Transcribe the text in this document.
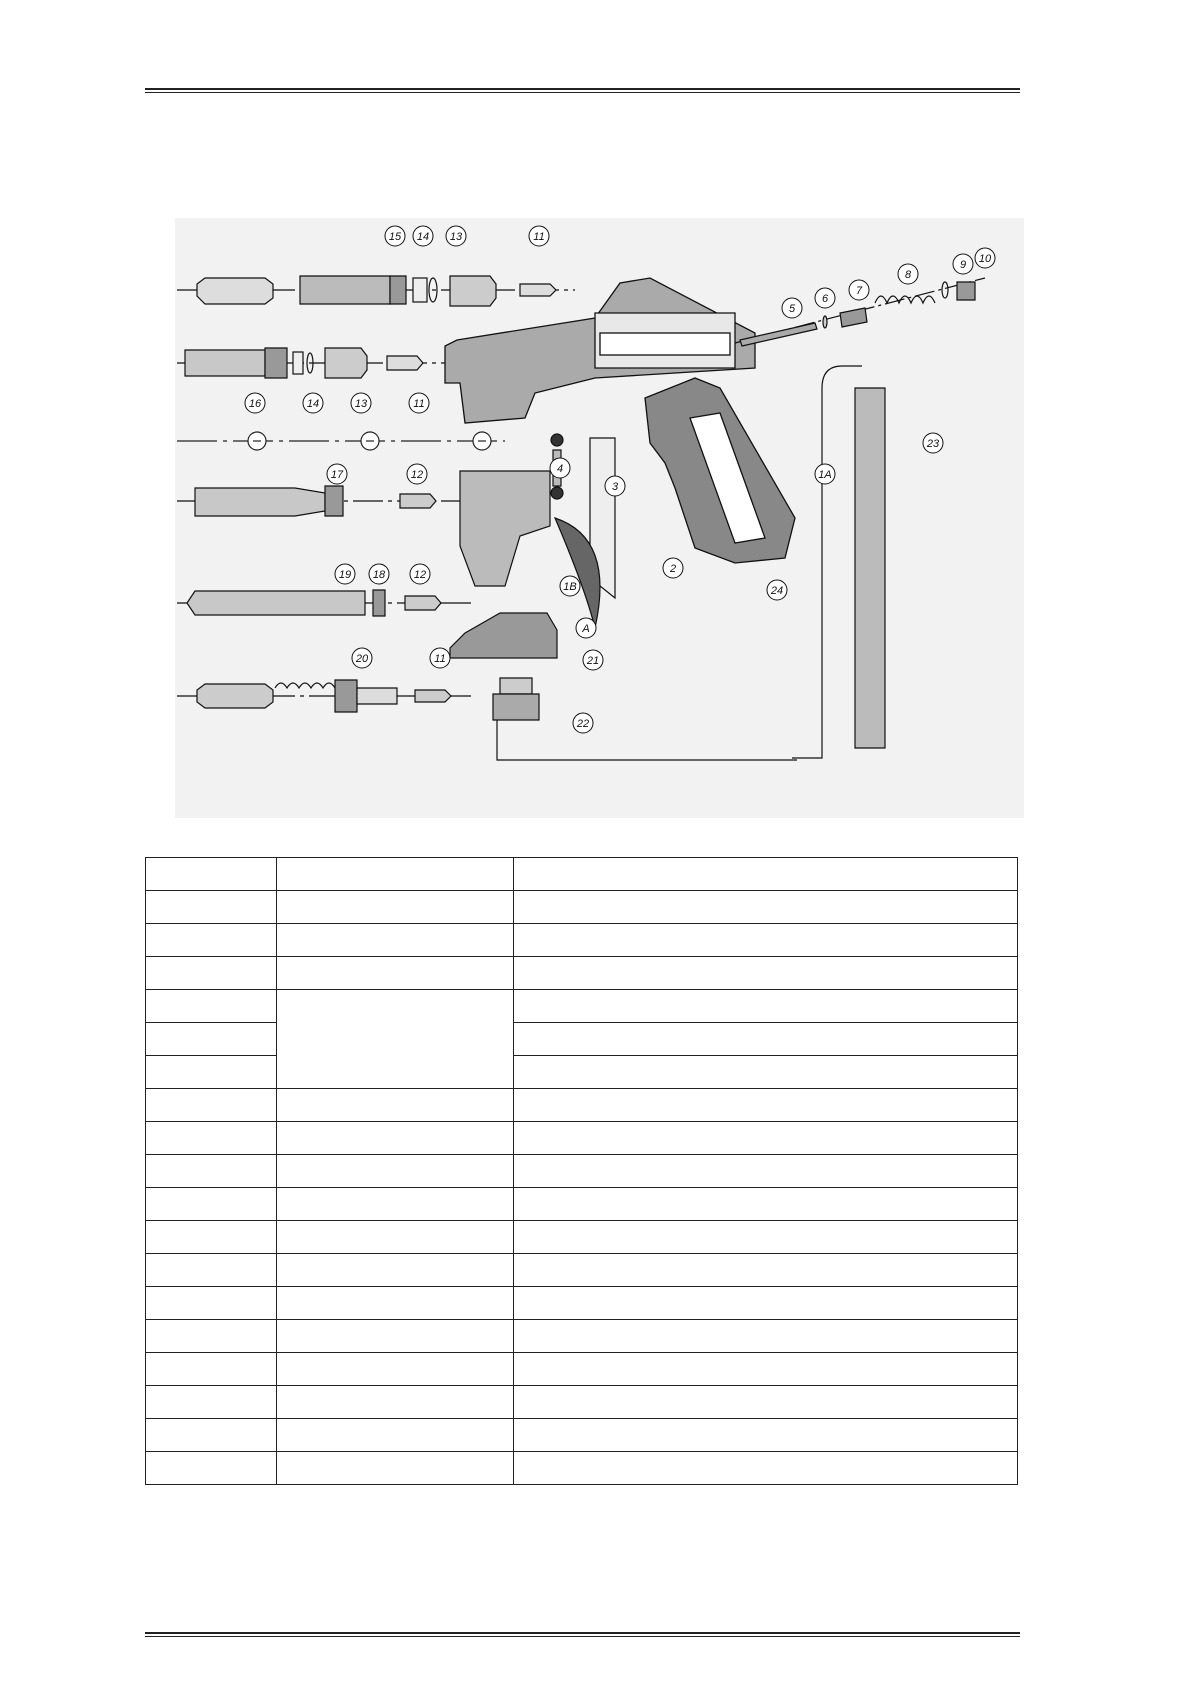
15 14 13	11
16	14	13	11
5
6
7
8
9 10
4
3
1A
17	12
1B
2
19 18	12
A
21
24
20	11
22
23
